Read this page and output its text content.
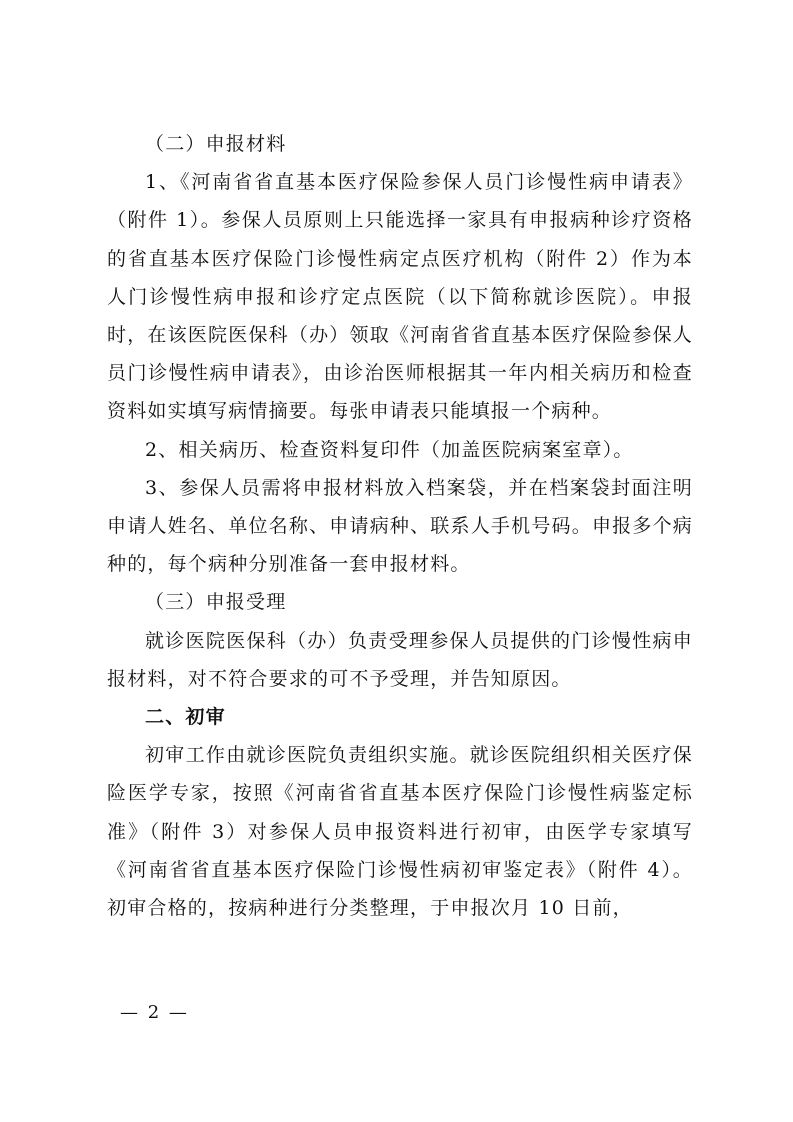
（二）申报材料

1、《河南省省直基本医疗保险参保人员门诊慢性病申请表》（附件 1）。参保人员原则上只能选择一家具有申报病种诊疗资格的省直基本医疗保险门诊慢性病定点医疗机构（附件 2）作为本人门诊慢性病申报和诊疗定点医院（以下简称就诊医院）。申报时，在该医院医保科（办）领取《河南省省直基本医疗保险参保人员门诊慢性病申请表》，由诊治医师根据其一年内相关病历和检查资料如实填写病情摘要。每张申请表只能填报一个病种。

2、相关病历、检查资料复印件（加盖医院病案室章）。

3、参保人员需将申报材料放入档案袋，并在档案袋封面注明申请人姓名、单位名称、申请病种、联系人手机号码。申报多个病种的，每个病种分别准备一套申报材料。

（三）申报受理

就诊医院医保科（办）负责受理参保人员提供的门诊慢性病申报材料，对不符合要求的可不予受理，并告知原因。

二、初审

初审工作由就诊医院负责组织实施。就诊医院组织相关医疗保险医学专家，按照《河南省省直基本医疗保险门诊慢性病鉴定标准》（附件 3）对参保人员申报资料进行初审，由医学专家填写《河南省省直基本医疗保险门诊慢性病初审鉴定表》（附件 4）。初审合格的，按病种进行分类整理，于申报次月 10 日前，

— 2 —
